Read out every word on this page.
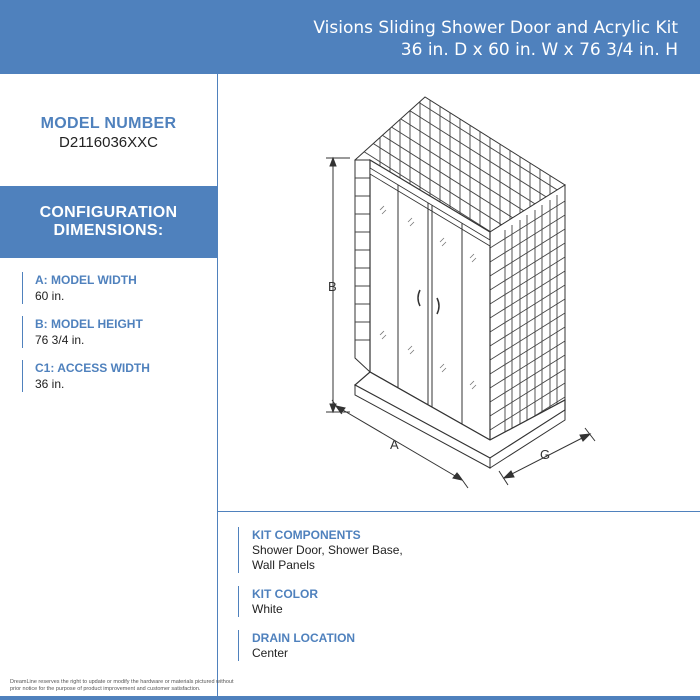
Visions Sliding Shower Door and Acrylic Kit
36 in. D x 60 in. W x 76 3/4 in. H
MODEL NUMBER
D2116036XXC
CONFIGURATION
DIMENSIONS:
A: MODEL WIDTH
60 in.
B: MODEL HEIGHT
76 3/4 in.
C1: ACCESS WIDTH
36 in.
B
A
G
KIT COMPONENTS
Shower Door, Shower Base,
Wall Panels
KIT COLOR
White
DRAIN LOCATION
Center
DreamLine reserves the right to update or modify the hardware or materials pictured without
prior notice for the purpose of product improvement and customer satisfaction.
